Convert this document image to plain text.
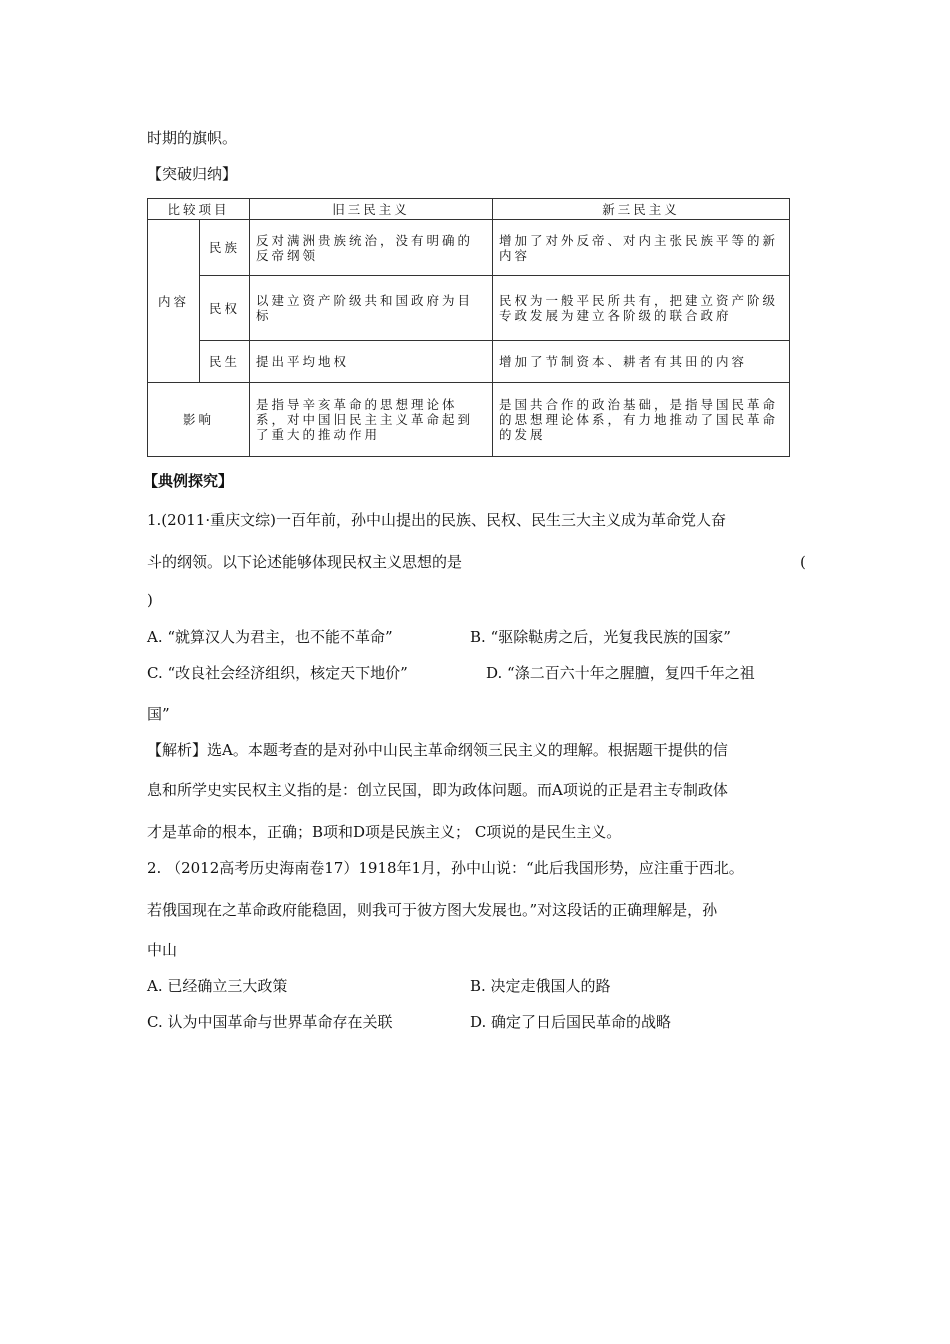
时期的旗帜。
【突破归纳】
比较项目		旧三民主义	新三民主义
内容	民族	反对满洲贵族统治，没有明确的反帝纲领	增加了对外反帝、对内主张民族平等的新内容
	民权	以建立资产阶级共和国政府为目标	民权为一般平民所共有，把建立资产阶级专政发展为建立各阶级的联合政府
	民生	提出平均地权	增加了节制资本、耕者有其田的内容
影响		是指导辛亥革命的思想理论体系，对中国旧民主主义革命起到了重大的推动作用	是国共合作的政治基础，是指导国民革命的思想理论体系，有力地推动了国民革命的发展
【典例探究】
1.(2011·重庆文综)一百年前，孙中山提出的民族、民权、民生三大主义成为革命党人奋
斗的纲领。以下论述能够体现民权主义思想的是	(
)
A. “就算汉人为君主，也不能不革命”	B. “驱除鞑虏之后，光复我民族的国家”
C. “改良社会经济组织，核定天下地价”	D. “涤二百六十年之腥膻，复四千年之祖
国”
【解析】选A。本题考查的是对孙中山民主革命纲领三民主义的理解。根据题干提供的信
息和所学史实民权主义指的是：创立民国，即为政体问题。而A项说的正是君主专制政体
才是革命的根本，正确；B项和D项是民族主义； C项说的是民生主义。
2. （2012高考历史海南卷17）1918年1月，孙中山说：“此后我国形势，应注重于西北。
若俄国现在之革命政府能稳固，则我可于彼方图大发展也。”对这段话的正确理解是，孙
中山
A. 已经确立三大政策	B. 决定走俄国人的路
C. 认为中国革命与世界革命存在关联	D. 确定了日后国民革命的战略
